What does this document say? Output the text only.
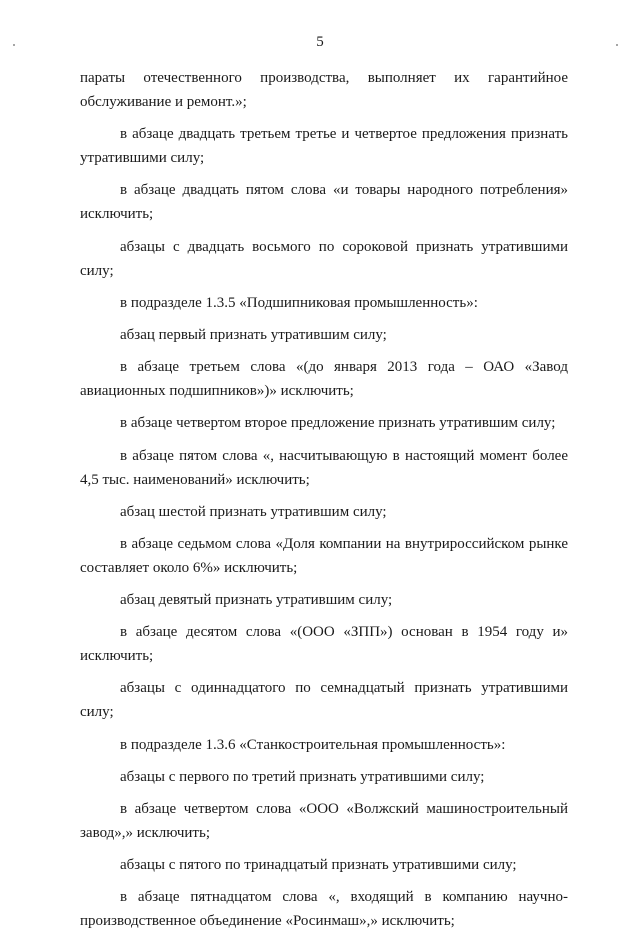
5

параты отечественного производства, выполняет их гарантийное обслуживание и ремонт.»;

в абзаце двадцать третьем третье и четвертое предложения признать утратившими силу;

в абзаце двадцать пятом слова «и товары народного потребления» исключить;

абзацы с двадцать восьмого по сороковой признать утратившими силу;

в подразделе 1.3.5 «Подшипниковая промышленность»:

абзац первый признать утратившим силу;

в абзаце третьем слова «(до января 2013 года – ОАО «Завод авиационных подшипников»)» исключить;

в абзаце четвертом второе предложение признать утратившим силу;

в абзаце пятом слова «, насчитывающую в настоящий момент более 4,5 тыс. наименований» исключить;

абзац шестой признать утратившим силу;

в абзаце седьмом слова «Доля компании на внутрироссийском рынке составляет около 6%» исключить;

абзац девятый признать утратившим силу;

в абзаце десятом слова «(ООО «ЗПП») основан в 1954 году и» исключить;

абзацы с одиннадцатого по семнадцатый признать утратившими силу;

в подразделе 1.3.6 «Станкостроительная промышленность»:

абзацы с первого по третий признать утратившими силу;

в абзаце четвертом слова «ООО «Волжский машиностроительный завод»,» исключить;

абзацы с пятого по тринадцатый признать утратившими силу;

в абзаце пятнадцатом слова «, входящий в компанию научно-производственное объединение «Росинмаш»,» исключить;
